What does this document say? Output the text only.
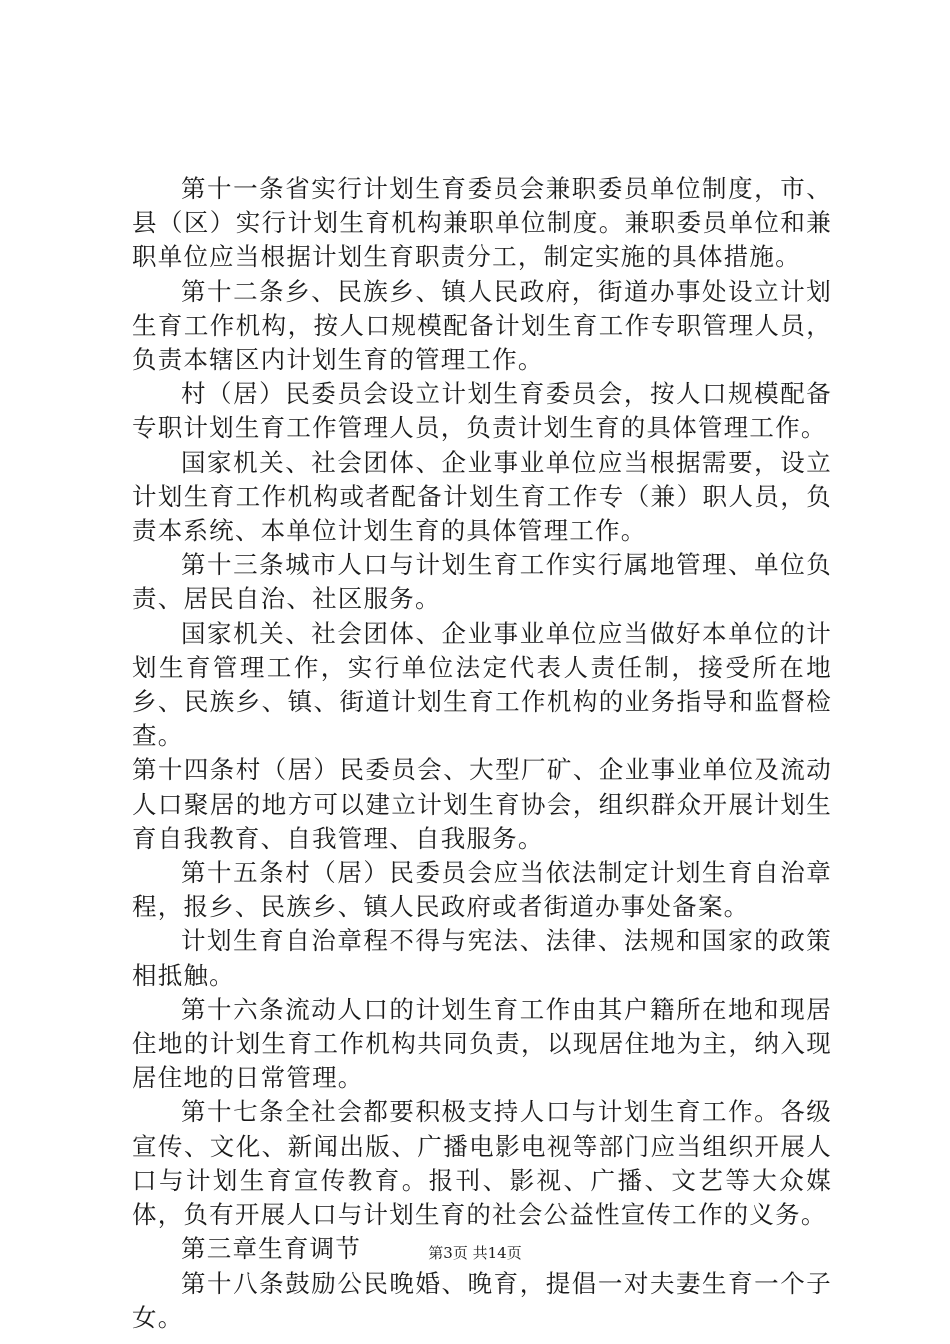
第十一条省实行计划生育委员会兼职委员单位制度，市、县（区）实行计划生育机构兼职单位制度。兼职委员单位和兼职单位应当根据计划生育职责分工，制定实施的具体措施。

第十二条乡、民族乡、镇人民政府，街道办事处设立计划生育工作机构，按人口规模配备计划生育工作专职管理人员，负责本辖区内计划生育的管理工作。

村（居）民委员会设立计划生育委员会，按人口规模配备专职计划生育工作管理人员，负责计划生育的具体管理工作。

国家机关、社会团体、企业事业单位应当根据需要，设立计划生育工作机构或者配备计划生育工作专（兼）职人员，负责本系统、本单位计划生育的具体管理工作。

第十三条城市人口与计划生育工作实行属地管理、单位负责、居民自治、社区服务。

国家机关、社会团体、企业事业单位应当做好本单位的计划生育管理工作，实行单位法定代表人责任制，接受所在地乡、民族乡、镇、街道计划生育工作机构的业务指导和监督检查。

第十四条村（居）民委员会、大型厂矿、企业事业单位及流动人口聚居的地方可以建立计划生育协会，组织群众开展计划生育自我教育、自我管理、自我服务。

第十五条村（居）民委员会应当依法制定计划生育自治章程，报乡、民族乡、镇人民政府或者街道办事处备案。

计划生育自治章程不得与宪法、法律、法规和国家的政策相抵触。

第十六条流动人口的计划生育工作由其户籍所在地和现居住地的计划生育工作机构共同负责，以现居住地为主，纳入现居住地的日常管理。

第十七条全社会都要积极支持人口与计划生育工作。各级宣传、文化、新闻出版、广播电影电视等部门应当组织开展人口与计划生育宣传教育。报刊、影视、广播、文艺等大众媒体，负有开展人口与计划生育的社会公益性宣传工作的义务。

第三章生育调节

第十八条鼓励公民晚婚、晚育，提倡一对夫妻生育一个子女。

第3页 共14页
